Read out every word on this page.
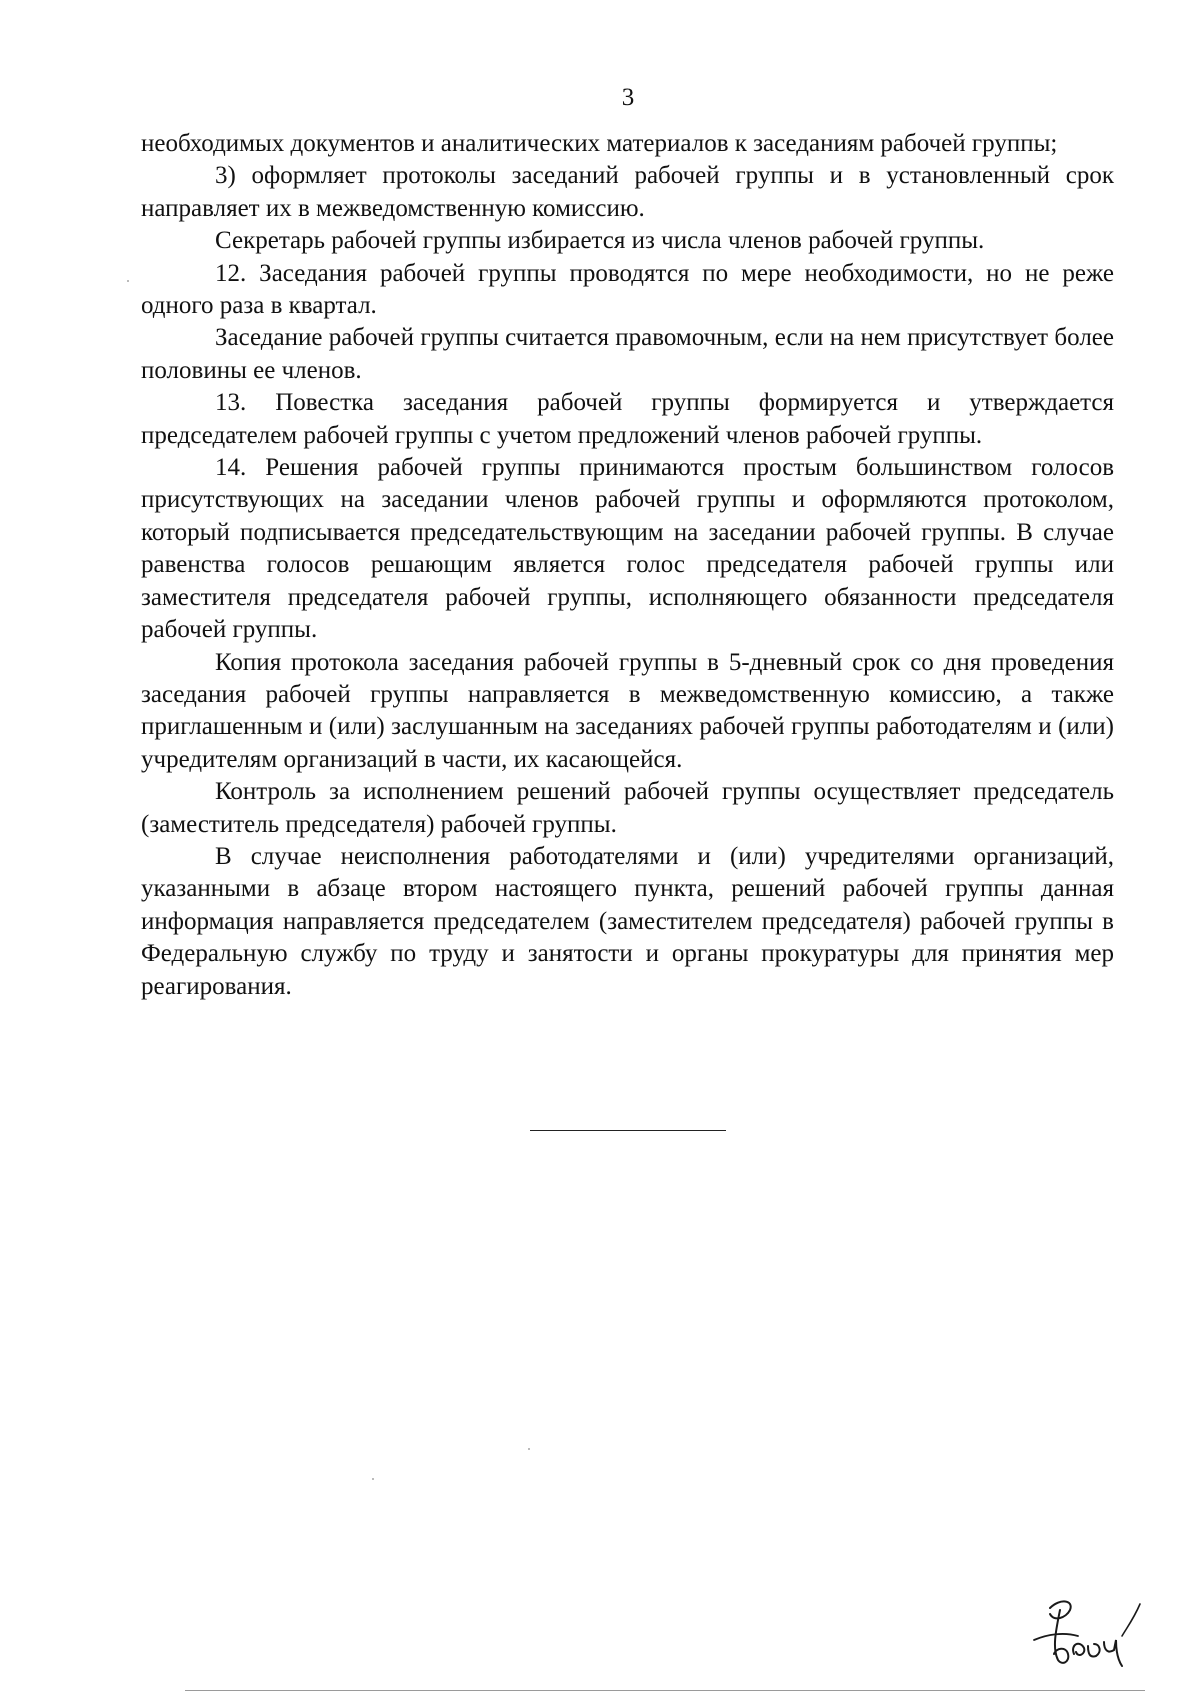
3

необходимых документов и аналитических материалов к заседаниям рабочей группы;

3) оформляет протоколы заседаний рабочей группы и в установленный срок направляет их в межведомственную комиссию.

Секретарь рабочей группы избирается из числа членов рабочей группы.

12. Заседания рабочей группы проводятся по мере необходимости, но не реже одного раза в квартал.

Заседание рабочей группы считается правомочным, если на нем присутствует более половины ее членов.

13. Повестка заседания рабочей группы формируется и утверждается председателем рабочей группы с учетом предложений членов рабочей группы.

14. Решения рабочей группы принимаются простым большинством голосов присутствующих на заседании членов рабочей группы и оформляются протоколом, который подписывается председательствующим на заседании рабочей группы. В случае равенства голосов решающим является голос председателя рабочей группы или заместителя председателя рабочей группы, исполняющего обязанности председателя рабочей группы.

Копия протокола заседания рабочей группы в 5-дневный срок со дня проведения заседания рабочей группы направляется в межведомственную комиссию, а также приглашенным и (или) заслушанным на заседаниях рабочей группы работодателям и (или) учредителям организаций в части, их касающейся.

Контроль за исполнением решений рабочей группы осуществляет председатель (заместитель председателя) рабочей группы.

В случае неисполнения работодателями и (или) учредителями организаций, указанными в абзаце втором настоящего пункта, решений рабочей группы данная информация направляется председателем (заместителем председателя) рабочей группы в Федеральную службу по труду и занятости и органы прокуратуры для принятия мер реагирования.
